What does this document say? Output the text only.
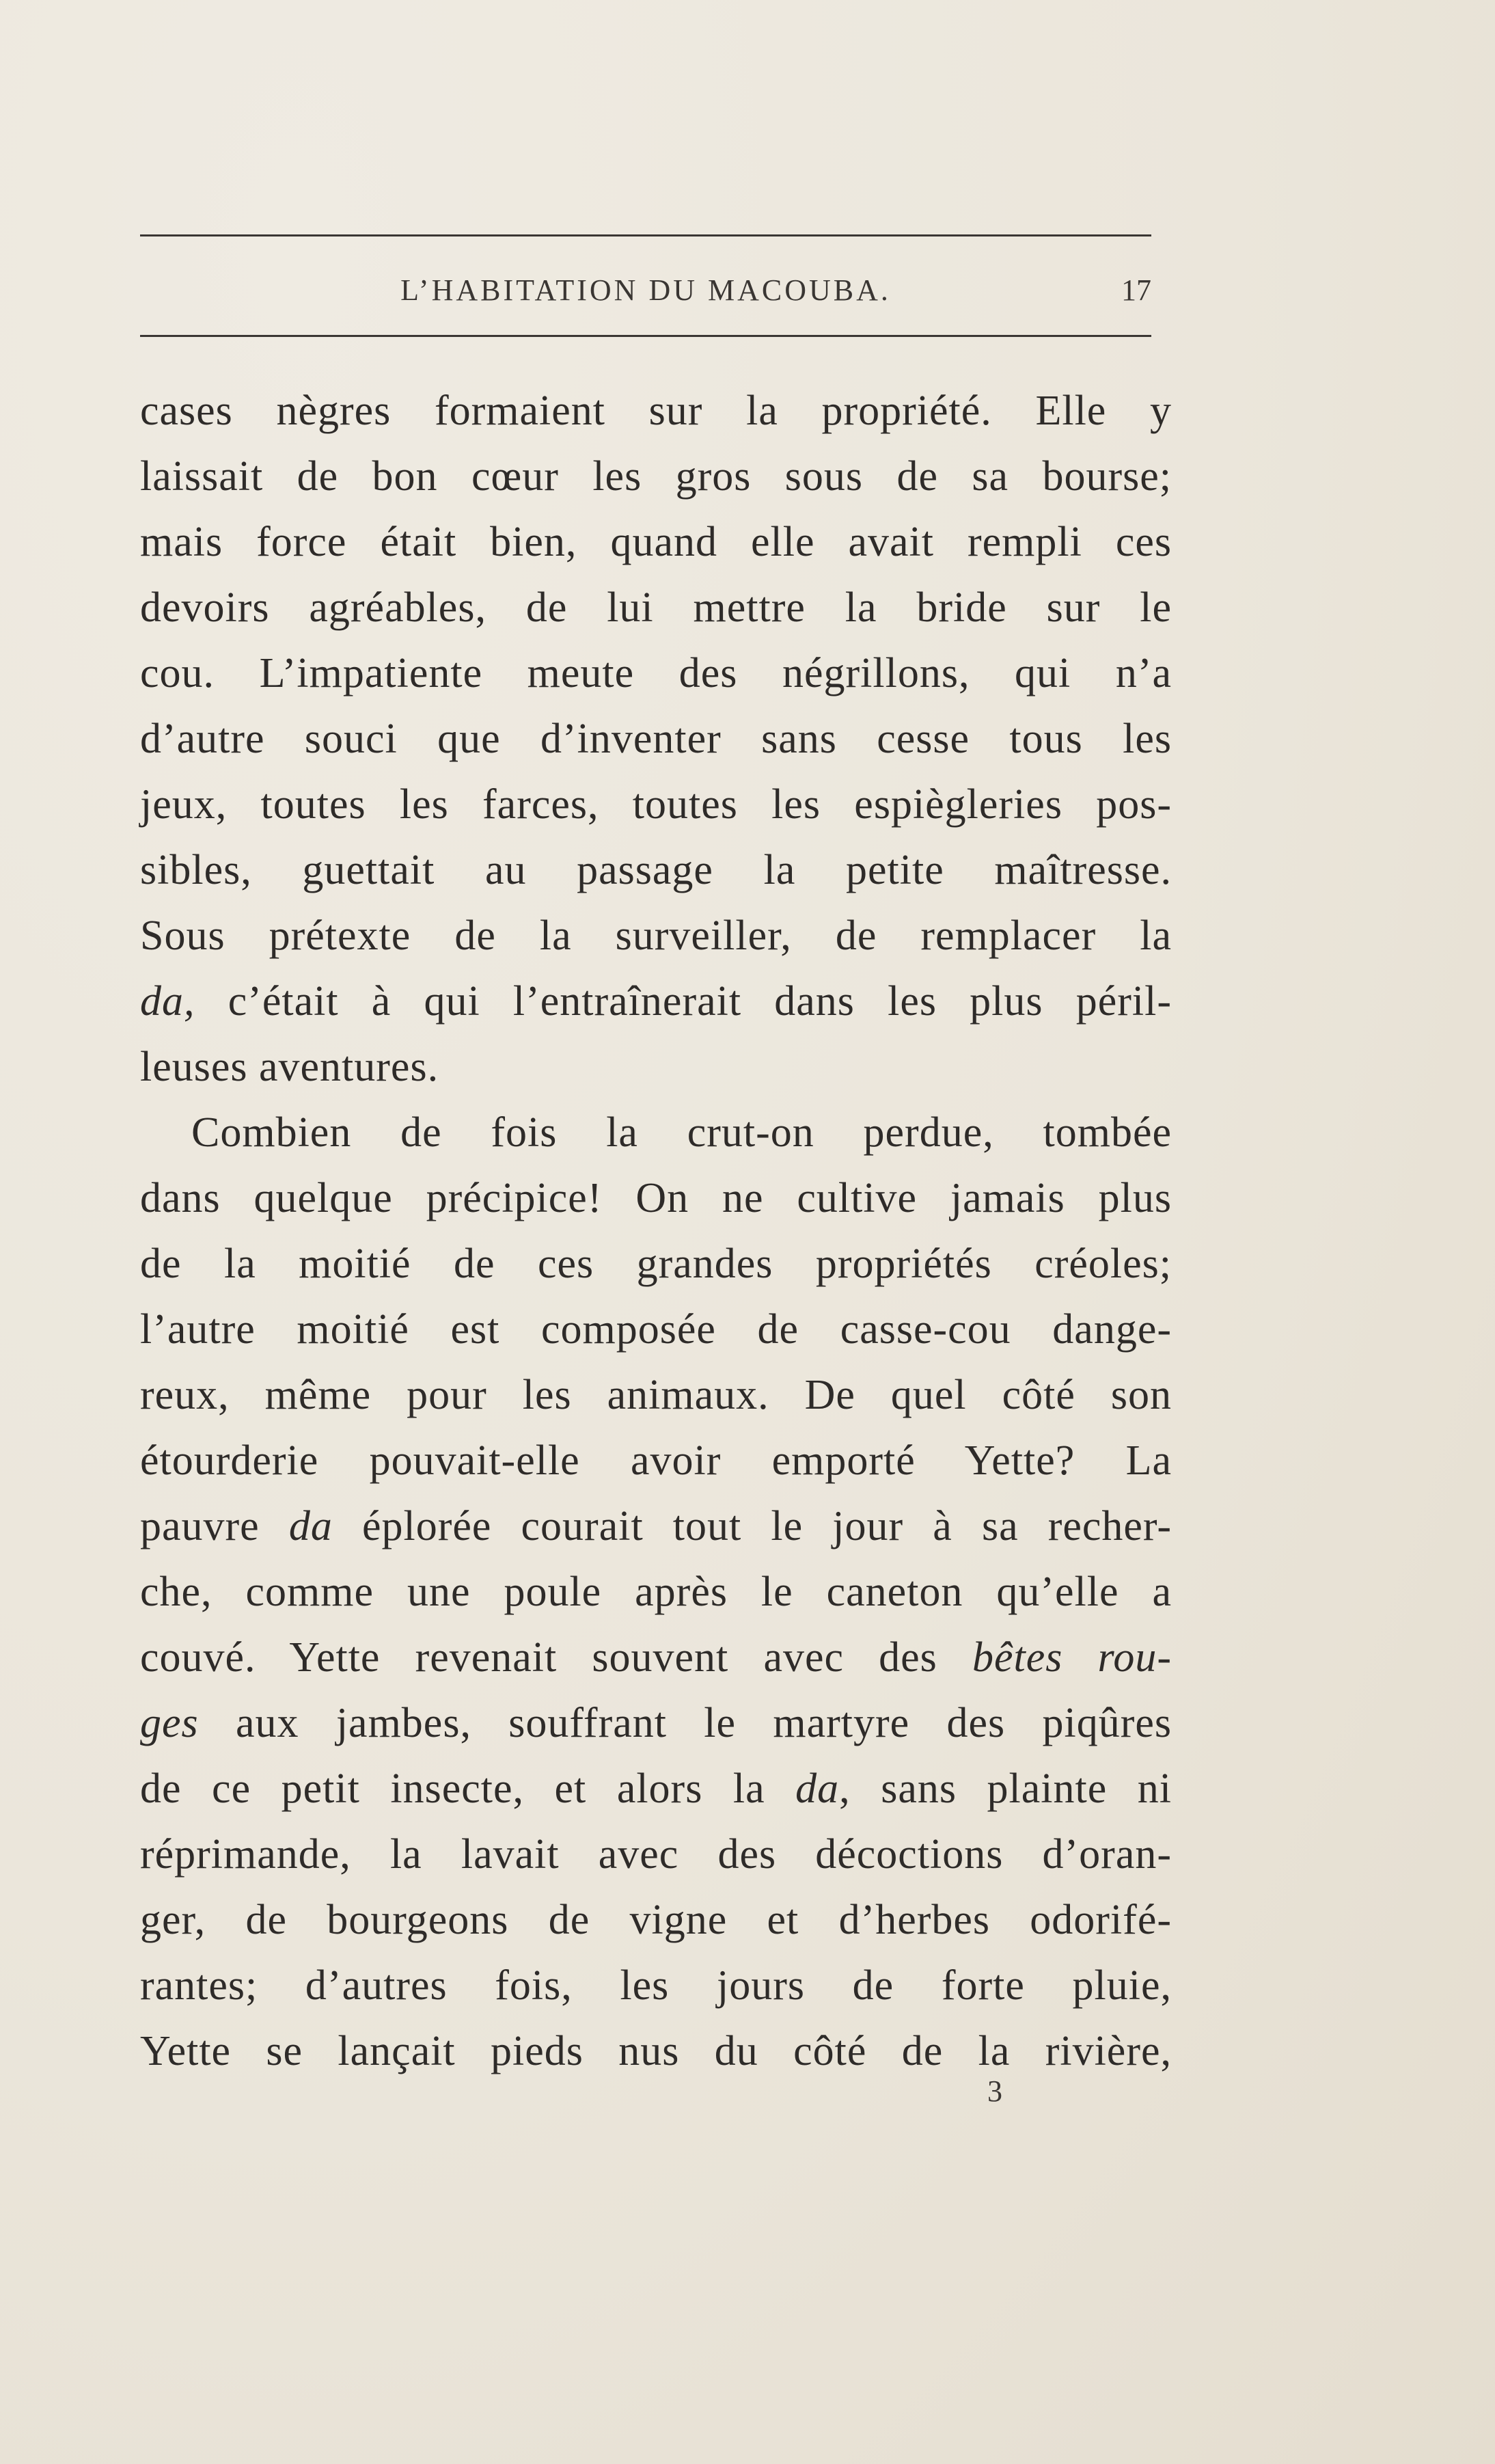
L’HABITATION DU MACOUBA.	17
cases nègres formaient sur la propriété. Elle y
laissait de bon cœur les gros sous de sa bourse;
mais force était bien, quand elle avait rempli ces
devoirs agréables, de lui mettre la bride sur le
cou. L’impatiente meute des négrillons, qui n’a
d’autre souci que d’inventer sans cesse tous les
jeux, toutes les farces, toutes les espiègleries pos-
sibles, guettait au passage la petite maîtresse.
Sous prétexte de la surveiller, de remplacer la
da, c’était à qui l’entraînerait dans les plus péril-
leuses aventures.
Combien de fois la crut-on perdue, tombée
dans quelque précipice! On ne cultive jamais plus
de la moitié de ces grandes propriétés créoles;
l’autre moitié est composée de casse-cou dange-
reux, même pour les animaux. De quel côté son
étourderie pouvait-elle avoir emporté Yette? La
pauvre da éplorée courait tout le jour à sa recher-
che, comme une poule après le caneton qu’elle a
couvé. Yette revenait souvent avec des bêtes rou-
ges aux jambes, souffrant le martyre des piqûres
de ce petit insecte, et alors la da, sans plainte ni
réprimande, la lavait avec des décoctions d’oran-
ger, de bourgeons de vigne et d’herbes odorifé-
rantes; d’autres fois, les jours de forte pluie,
Yette se lançait pieds nus du côté de la rivière,
3
